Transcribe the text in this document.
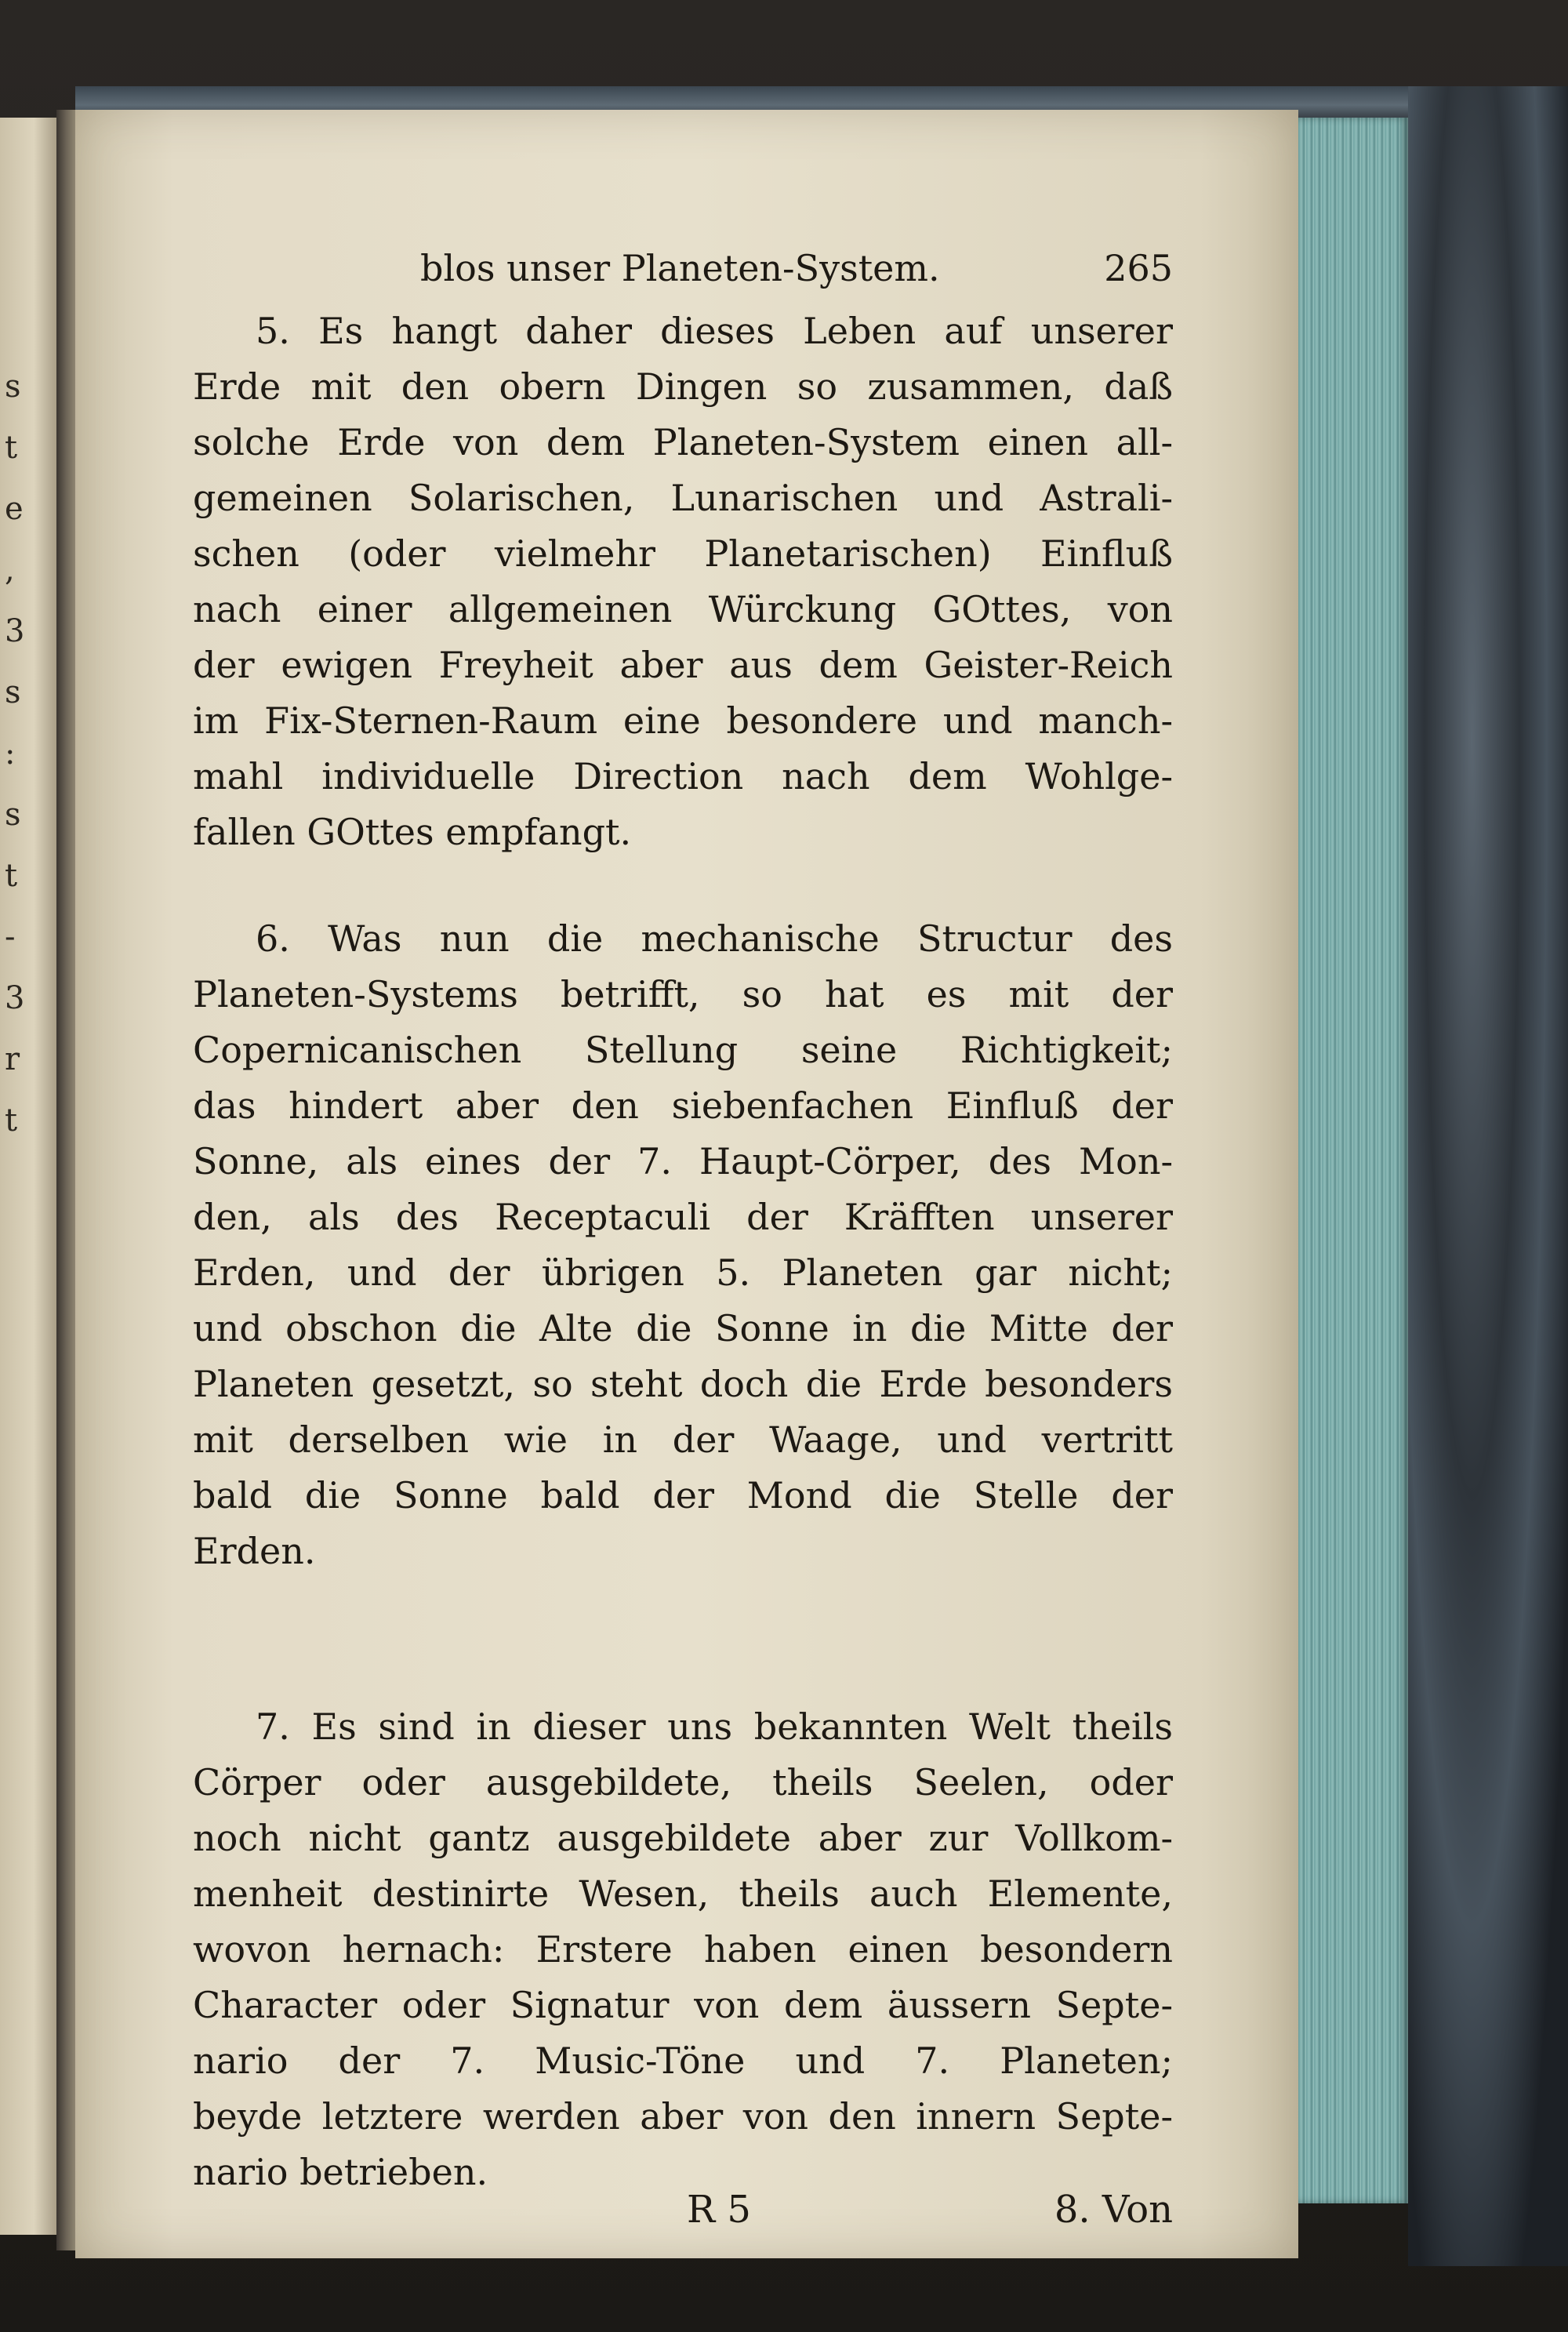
s
t
e
,
3
s
:
s
t
-
3
r
t
blos unser Planeten-System.	265
5. Es hangt daher dieses Leben auf unserer
Erde mit den obern Dingen so zusammen, daß
solche Erde von dem Planeten-System einen all-
gemeinen Solarischen, Lunarischen und Astrali-
schen (oder vielmehr Planetarischen) Einfluß
nach einer allgemeinen Würckung GOttes, von
der ewigen Freyheit aber aus dem Geister-Reich
im Fix-Sternen-Raum eine besondere und manch-
mahl individuelle Direction nach dem Wohlge-
fallen GOttes empfangt.
6. Was nun die mechanische Structur des
Planeten-Systems betrifft, so hat es mit der
Copernicanischen Stellung seine Richtigkeit;
das hindert aber den siebenfachen Einfluß der
Sonne, als eines der 7. Haupt-Cörper, des Mon-
den, als des Receptaculi der Kräfften unserer
Erden, und der übrigen 5. Planeten gar nicht;
und obschon die Alte die Sonne in die Mitte der
Planeten gesetzt, so steht doch die Erde besonders
mit derselben wie in der Waage, und vertritt
bald die Sonne bald der Mond die Stelle der
Erden.
7. Es sind in dieser uns bekannten Welt theils
Cörper oder ausgebildete, theils Seelen, oder
noch nicht gantz ausgebildete aber zur Vollkom-
menheit destinirte Wesen, theils auch Elemente,
wovon hernach: Erstere haben einen besondern
Character oder Signatur von dem äussern Septe-
nario der 7. Music-Töne und 7. Planeten;
beyde letztere werden aber von den innern Septe-
nario betrieben.
R 5	8. Von
